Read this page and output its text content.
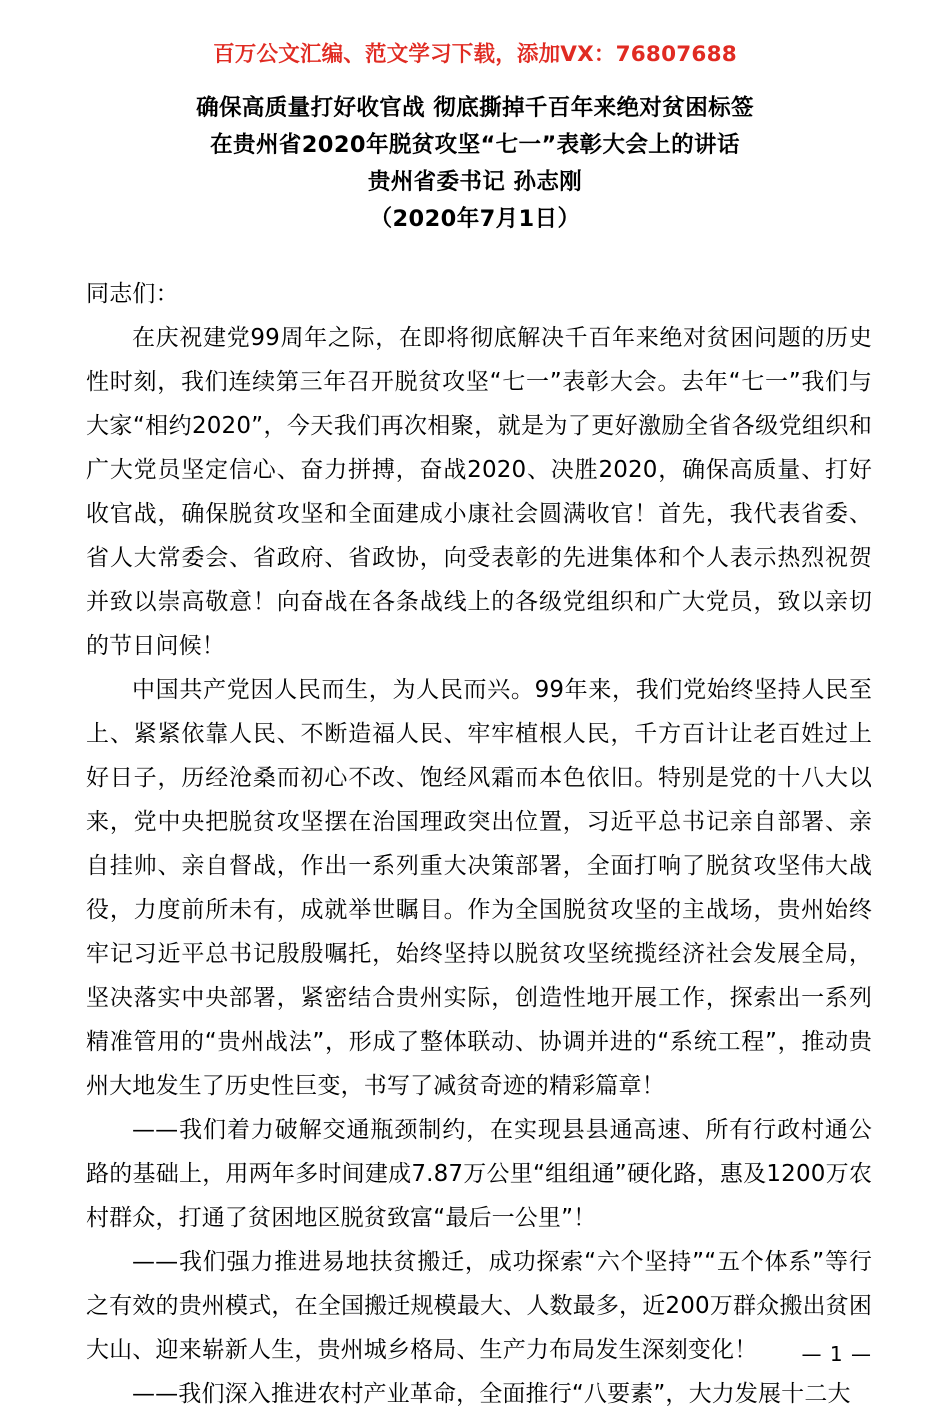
百万公文汇编、范文学习下载，添加VX：76807688
确保高质量打好收官战 彻底撕掉千百年来绝对贫困标签
在贵州省2020年脱贫攻坚“七一”表彰大会上的讲话
贵州省委书记 孙志刚
（2020年7月1日）

同志们：

在庆祝建党99周年之际，在即将彻底解决千百年来绝对贫困问题的历史性时刻，我们连续第三年召开脱贫攻坚“七一”表彰大会。去年“七一”我们与大家“相约2020”，今天我们再次相聚，就是为了更好激励全省各级党组织和广大党员坚定信心、奋力拼搏，奋战2020、决胜2020，确保高质量、打好收官战，确保脱贫攻坚和全面建成小康社会圆满收官！首先，我代表省委、省人大常委会、省政府、省政协，向受表彰的先进集体和个人表示热烈祝贺并致以崇高敬意！向奋战在各条战线上的各级党组织和广大党员，致以亲切的节日问候！

中国共产党因人民而生，为人民而兴。99年来，我们党始终坚持人民至上、紧紧依靠人民、不断造福人民、牢牢植根人民，千方百计让老百姓过上好日子，历经沧桑而初心不改、饱经风霜而本色依旧。特别是党的十八大以来，党中央把脱贫攻坚摆在治国理政突出位置，习近平总书记亲自部署、亲自挂帅、亲自督战，作出一系列重大决策部署，全面打响了脱贫攻坚伟大战役，力度前所未有，成就举世瞩目。作为全国脱贫攻坚的主战场，贵州始终牢记习近平总书记殷殷嘱托，始终坚持以脱贫攻坚统揽经济社会发展全局，坚决落实中央部署，紧密结合贵州实际，创造性地开展工作，探索出一系列精准管用的“贵州战法”，形成了整体联动、协调并进的“系统工程”，推动贵州大地发生了历史性巨变，书写了减贫奇迹的精彩篇章！

——我们着力破解交通瓶颈制约，在实现县县通高速、所有行政村通公路的基础上，用两年多时间建成7.87万公里“组组通”硬化路，惠及1200万农村群众，打通了贫困地区脱贫致富“最后一公里”！

——我们强力推进易地扶贫搬迁，成功探索“六个坚持”“五个体系”等行之有效的贵州模式，在全国搬迁规模最大、人数最多，近200万群众搬出贫困大山、迎来崭新人生，贵州城乡格局、生产力布局发生深刻变化！

——我们深入推进农村产业革命，全面推行“八要素”，大力发展十二大

— 1 —
